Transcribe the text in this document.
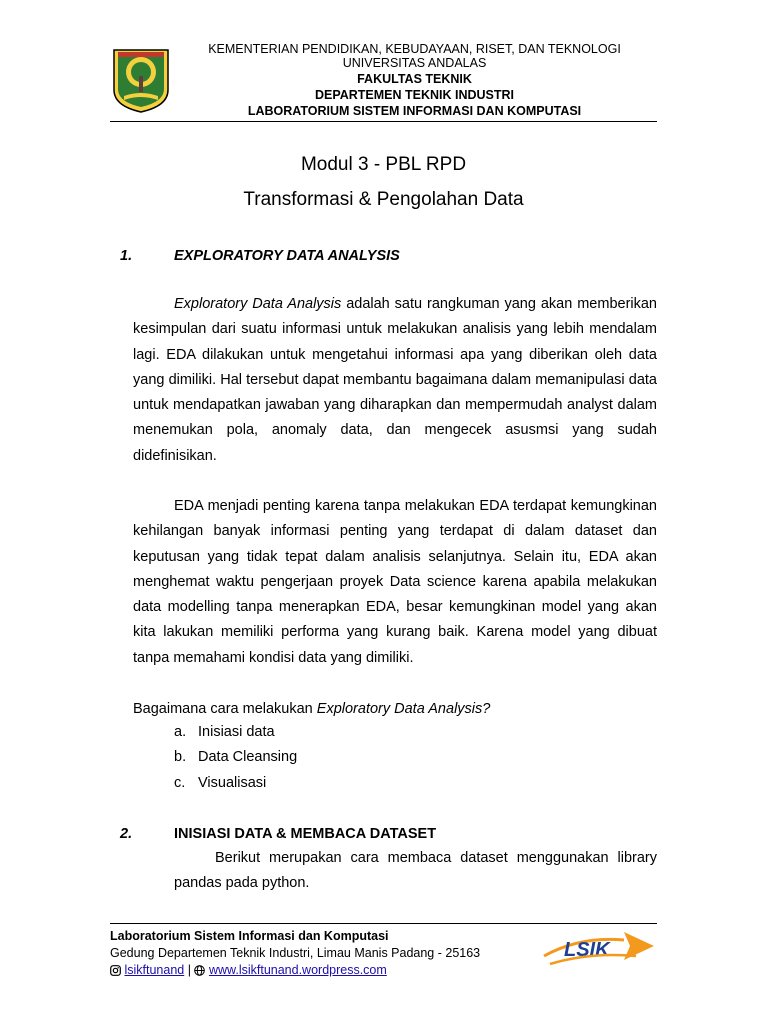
KEMENTERIAN PENDIDIKAN, KEBUDAYAAN, RISET, DAN TEKNOLOGI
UNIVERSITAS ANDALAS
FAKULTAS TEKNIK
DEPARTEMEN TEKNIK INDUSTRI
LABORATORIUM SISTEM INFORMASI DAN KOMPUTASI
Modul 3 - PBL RPD
Transformasi & Pengolahan Data
1.	EXPLORATORY DATA ANALYSIS
Exploratory Data Analysis adalah satu rangkuman yang akan memberikan kesimpulan dari suatu informasi untuk melakukan analisis yang lebih mendalam lagi. EDA dilakukan untuk mengetahui informasi apa yang diberikan oleh data yang dimiliki. Hal tersebut dapat membantu bagaimana dalam memanipulasi data untuk mendapatkan jawaban yang diharapkan dan mempermudah analyst dalam menemukan pola, anomaly data, dan mengecek asusmsi yang sudah didefinisikan.
EDA menjadi penting karena tanpa melakukan EDA terdapat kemungkinan kehilangan banyak informasi penting yang terdapat di dalam dataset dan keputusan yang tidak tepat dalam analisis selanjutnya. Selain itu, EDA akan menghemat waktu pengerjaan proyek Data science karena apabila melakukan data modelling tanpa menerapkan EDA, besar kemungkinan model yang akan kita lakukan memiliki performa yang kurang baik. Karena model yang dibuat tanpa memahami kondisi data yang dimiliki.
Bagaimana cara melakukan Exploratory Data Analysis?
a. Inisiasi data
b. Data Cleansing
c. Visualisasi
2.	INISIASI DATA & MEMBACA DATASET
Berikut merupakan cara membaca dataset menggunakan library pandas pada python.
Laboratorium Sistem Informasi dan Komputasi
Gedung Departemen Teknik Industri, Limau Manis Padang - 25163
lsikftunand | www.lsikftunand.wordpress.com
LSIK
